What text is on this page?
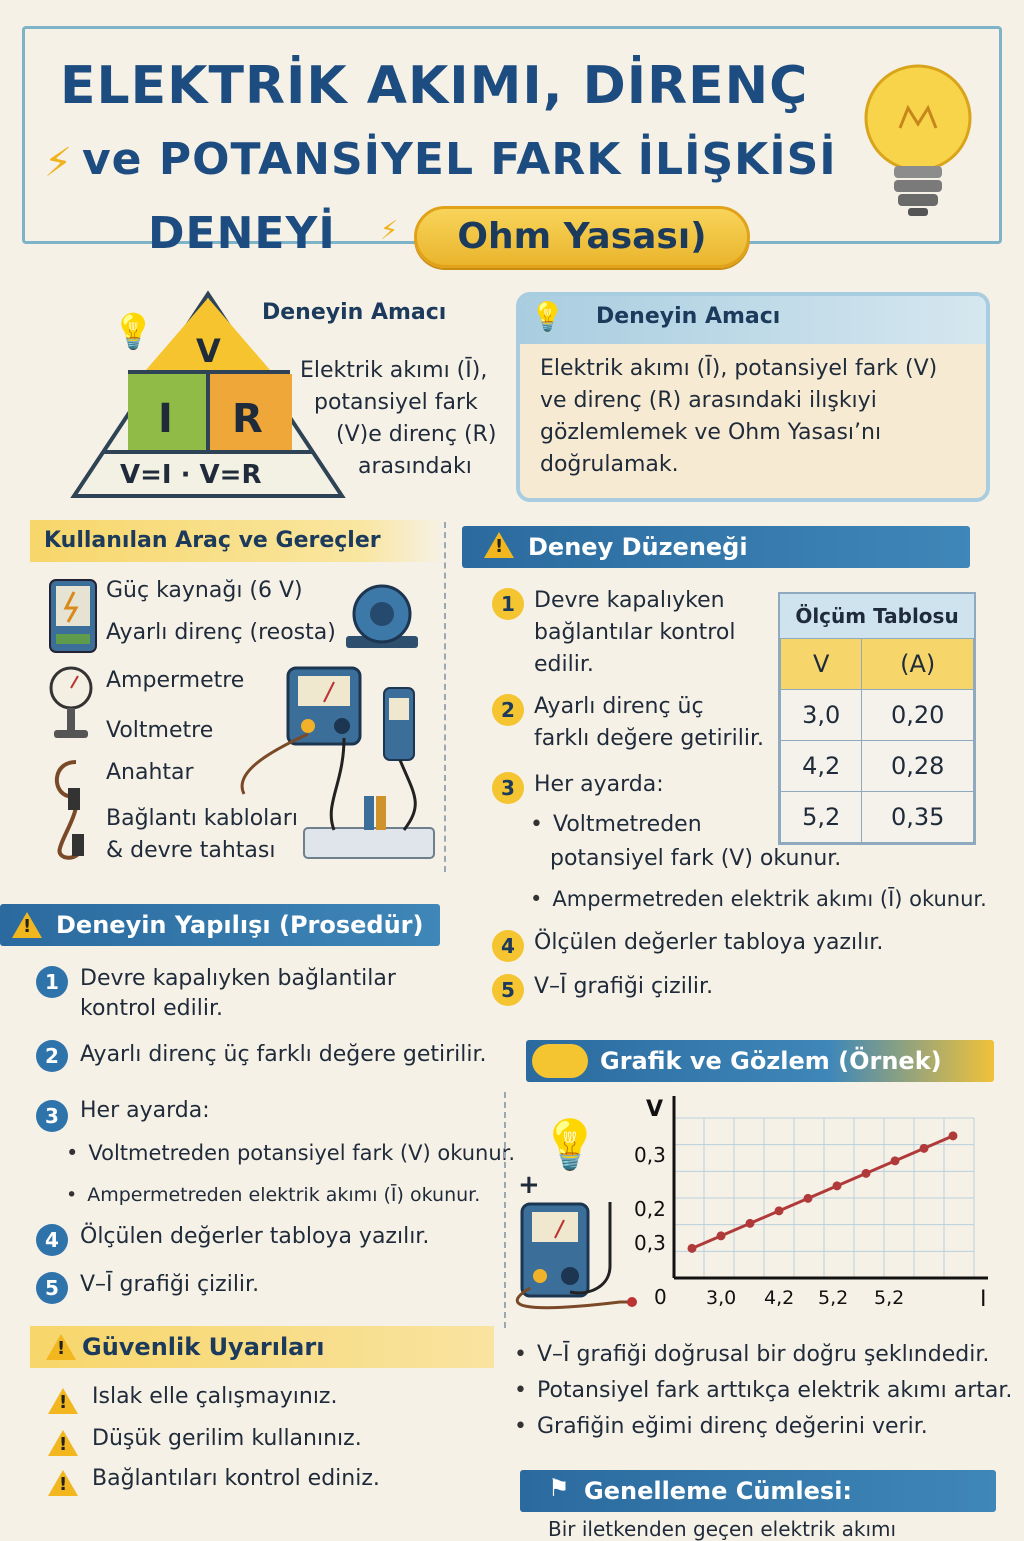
ELEKTRİK AKIMI, DİRENÇ
⚡ ve POTANSİYEL FARK İLİŞKİSİ
DENEYİ ⚡	Ohm Yasası)
V
I R
V=I · V=R
💡	Deneyin Amacı
Elektrik akımı (Ī),
potansiyel fark
(V)e direnç (R)
arasındakı
💡 Deneyin Amacı
Elektrik akımı (Ī), potansiyel fark (V)
ve direnç (R) arasındaki ilışkıyi
gözlemlemek ve Ohm Yasası’nı
doğrulamak.
Kullanılan Araç ve Gereçler
Güç kaynağı (6 V)
Ayarlı direnç (reosta)
Ampermetre
Voltmetre
Anahtar
Bağlantı kabloları
& devre tahtası
Deney Düzeneği
!
1 Devre kapalıyken
bağlantılar kontrol
edilir.
2 Ayarlı direnç üç
farklı değere getirilir.
3 Her ayarda:
• Voltmetreden
potansiyel fark (V) okunur.
• Ampermetreden elektrik akımı (Ī) okunur.
4 Ölçülen değerler tabloya yazılır.
5 V–Ī grafiği çizilir.
Ölçüm Tablosu
V	(A)
3,0	0,20
4,2	0,28
5,2	0,35
Deneyin Yapılışı (Prosedür)
!
1 Devre kapalıyken bağlantilar
kontrol edilir.
2 Ayarlı direnç üç farklı değere getirilir.
3 Her ayarda:
• Voltmetreden potansiyel fark (V) okunur.
• Ampermetreden elektrik akımı (Ī) okunur.
4 Ölçülen değerler tabloya yazılır.
5 V–Ī grafiği çizilir.
Grafik ve Gözlem (Örnek)
💡
+
V
I
0,3
0,2
0,3
0 3,0 4,2 5,2 5,2
• V–Ī grafiği doğrusal bir doğru şeklındedir.
• Potansiyel fark arttıkça elektrik akımı artar.
• Grafiğin eğimi direnç değerini verir.
Güvenlik Uyarıları
!
!
Islak elle çalışmayınız.
!
Düşük gerilim kullanınız.
!
Bağlantıları kontrol ediniz.	Genelleme Cümlesi:
⚑
Bir iletkenden geçen elektrik akımı
